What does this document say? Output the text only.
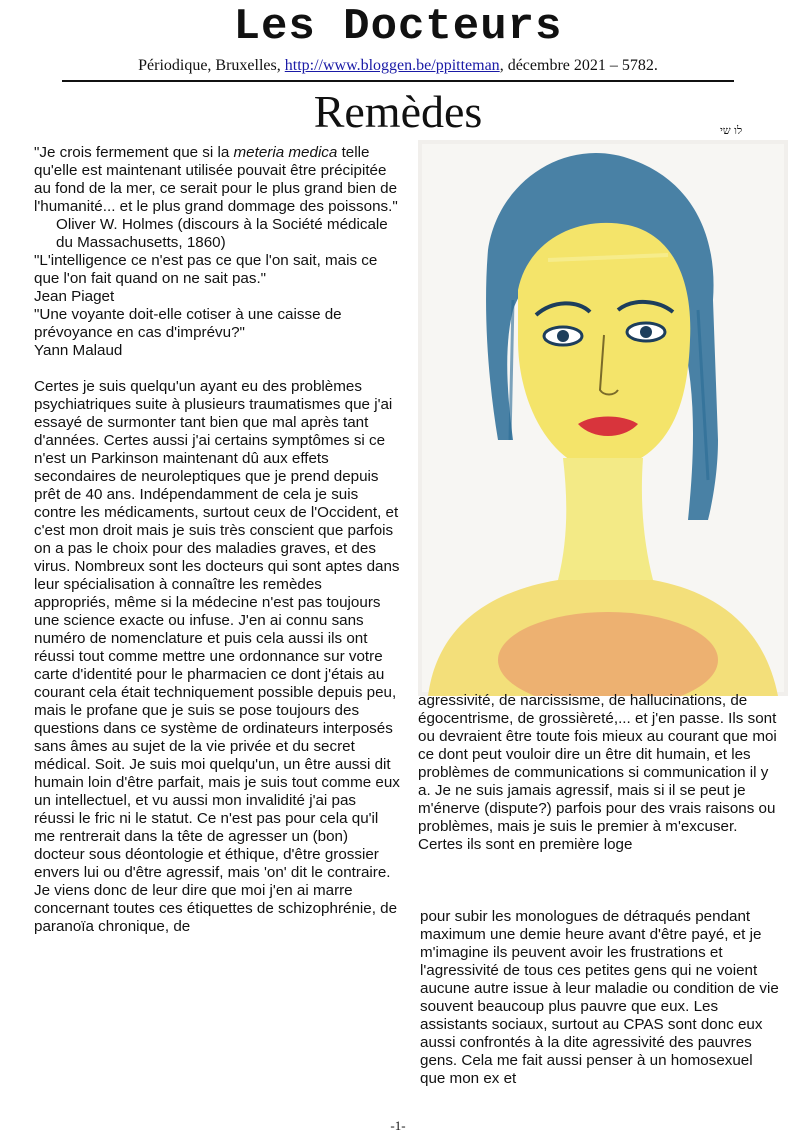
Les Docteurs
Périodique, Bruxelles, http://www.bloggen.be/ppitteman, décembre 2021 – 5782.
Remèdes	לו שי

"Je crois fermement que si la meteria medica telle qu'elle est maintenant utilisée pouvait être précipitée au fond de la mer, ce serait pour le plus grand bien de l'humanité... et le plus grand dommage des poissons."

Oliver W. Holmes (discours à la Société médicale du Massachusetts, 1860)

"L'intelligence ce n'est pas ce que l'on sait, mais ce que l'on fait quand on ne sait pas."

Jean Piaget

"Une voyante doit-elle cotiser à une caisse de prévoyance en cas d'imprévu?"

Yann Malaud

Certes je suis quelqu'un ayant eu des problèmes psychiatriques suite à plusieurs traumatismes que j'ai essayé de surmonter tant bien que mal après tant d'années. Certes aussi j'ai certains symptômes si ce n'est un Parkinson maintenant dû aux effets secondaires de neuroleptiques que je prend depuis prêt de 40 ans. Indépendamment de cela je suis contre les médicaments, surtout ceux de l'Occident, et c'est mon droit mais je suis très conscient que parfois on a pas le choix pour des maladies graves, et des virus. Nombreux sont les docteurs qui sont aptes dans leur spécialisation à connaître les remèdes appropriés, même si la médecine n'est pas toujours une science exacte ou infuse. J'en ai connu sans numéro de nomenclature et puis cela aussi ils ont réussi tout comme mettre une ordonnance sur votre carte d'identité pour le pharmacien ce dont j'étais au courant cela était techniquement possible depuis peu, mais le profane que je suis se pose toujours des questions dans ce système de ordinateurs interposés sans âmes au sujet de la vie privée et du secret médical. Soit. Je suis moi quelqu'un, un être aussi dit humain loin d'être parfait, mais je suis tout comme eux un intellectuel, et vu aussi mon invalidité j'ai pas réussi le fric ni le statut. Ce n'est pas pour cela qu'il me rentrerait dans la tête de agresser un (bon) docteur sous déontologie et éthique, d'être grossier envers lui ou d'être agressif, mais 'on' dit le contraire. Je viens donc de leur dire que moi j'en ai marre concernant toutes ces étiquettes de schizophrénie, de paranoïa chronique, de

agressivité, de narcissisme, de hallucinations, de égocentrisme, de grossièreté,... et j'en passe. Ils sont ou devraient être toute fois mieux au courant que moi ce dont peut vouloir dire un être dit humain, et les problèmes de communications si communication il y a. Je ne suis jamais agressif, mais si il se peut je m'énerve (dispute?) parfois pour des vrais raisons ou problèmes, mais je suis le premier à m'excuser. Certes ils sont en première loge

pour subir les monologues de détraqués pendant maximum une demie heure avant d'être payé, et je m'imagine ils peuvent avoir les frustrations et l'agressivité de tous ces petites gens qui ne voient aucune autre issue à leur maladie ou condition de vie souvent beaucoup plus pauvre que eux. Les assistants sociaux, surtout au CPAS sont donc eux aussi confrontés à la dite agressivité des pauvres gens. Cela me fait aussi penser à un homosexuel que mon ex et

-1-
